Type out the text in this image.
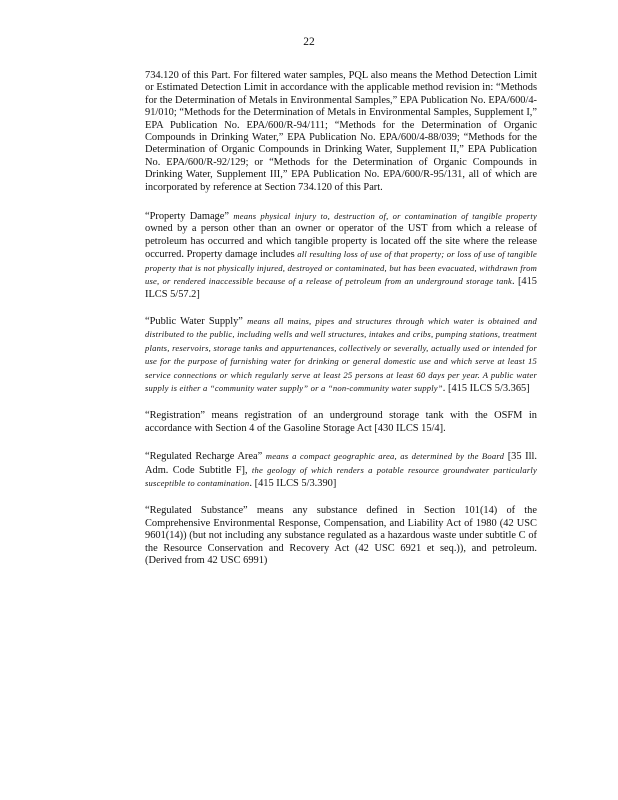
22

734.120 of this Part. For filtered water samples, PQL also means the Method Detection Limit or Estimated Detection Limit in accordance with the applicable method revision in: “Methods for the Determination of Metals in Environmental Samples,” EPA Publication No. EPA/600/4-91/010; “Methods for the Determination of Metals in Environmental Samples, Supplement I,” EPA Publication No. EPA/600/R-94/111; “Methods for the Determination of Organic Compounds in Drinking Water,” EPA Publication No. EPA/600/4-88/039; “Methods for the Determination of Organic Compounds in Drinking Water, Supplement II,” EPA Publication No. EPA/600/R-92/129; or “Methods for the Determination of Organic Compounds in Drinking Water, Supplement III,” EPA Publication No. EPA/600/R-95/131, all of which are incorporated by reference at Section 734.120 of this Part.

“Property Damage” means physical injury to, destruction of, or contamination of tangible property owned by a person other than an owner or operator of the UST from which a release of petroleum has occurred and which tangible property is located off the site where the release occurred. Property damage includes all resulting loss of use of that property; or loss of use of tangible property that is not physically injured, destroyed or contaminated, but has been evacuated, withdrawn from use, or rendered inaccessible because of a release of petroleum from an underground storage tank. [415 ILCS 5/57.2]

“Public Water Supply” means all mains, pipes and structures through which water is obtained and distributed to the public, including wells and well structures, intakes and cribs, pumping stations, treatment plants, reservoirs, storage tanks and appurtenances, collectively or severally, actually used or intended for use for the purpose of furnishing water for drinking or general domestic use and which serve at least 15 service connections or which regularly serve at least 25 persons at least 60 days per year. A public water supply is either a “community water supply” or a “non-community water supply”. [415 ILCS 5/3.365]

“Registration” means registration of an underground storage tank with the OSFM in accordance with Section 4 of the Gasoline Storage Act [430 ILCS 15/4].

“Regulated Recharge Area” means a compact geographic area, as determined by the Board [35 Ill. Adm. Code Subtitle F], the geology of which renders a potable resource groundwater particularly susceptible to contamination. [415 ILCS 5/3.390]

“Regulated Substance” means any substance defined in Section 101(14) of the Comprehensive Environmental Response, Compensation, and Liability Act of 1980 (42 USC 9601(14)) (but not including any substance regulated as a hazardous waste under subtitle C of the Resource Conservation and Recovery Act (42 USC 6921 et seq.)), and petroleum. (Derived from 42 USC 6991)
